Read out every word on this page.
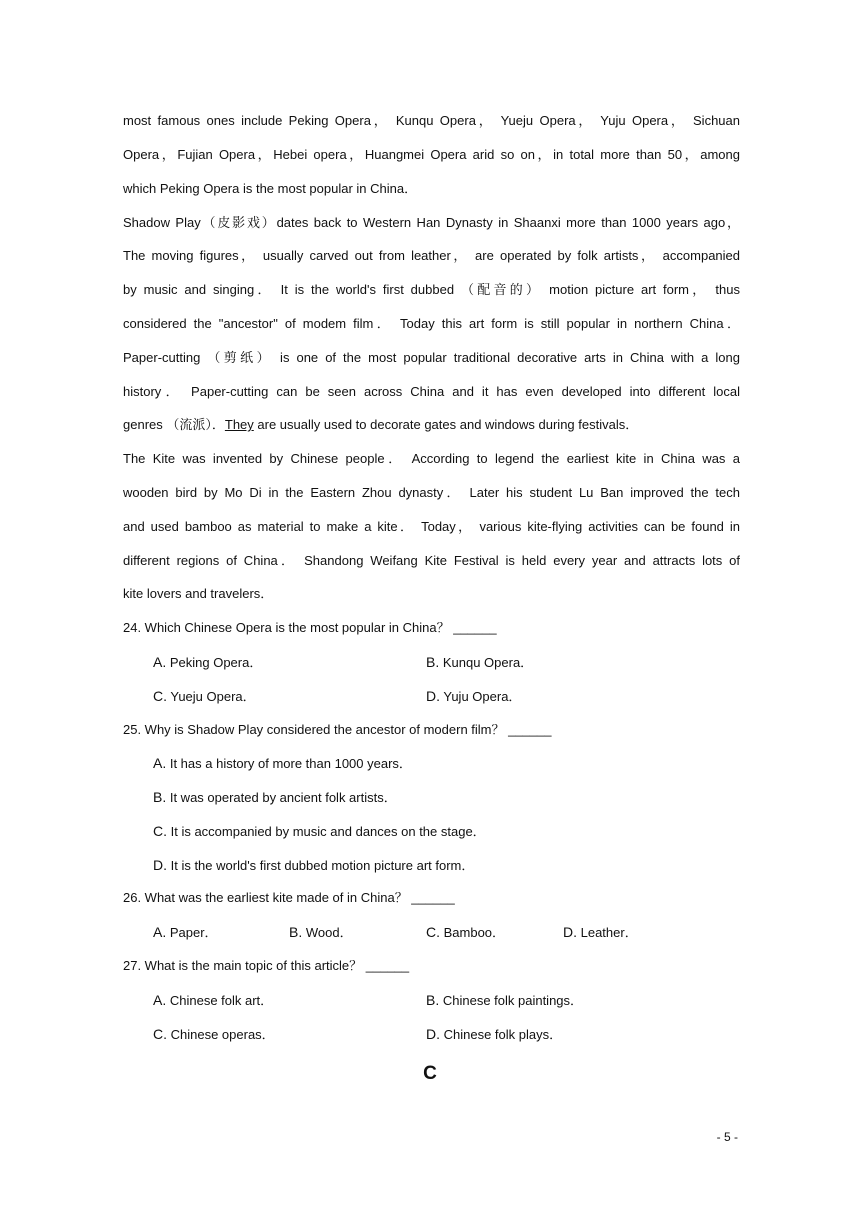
most famous ones include Peking Opera， Kunqu Opera， Yueju Opera， Yuju Opera， Sichuan
Opera，Fujian Opera，Hebei opera，Huangmei Opera arid so on，in total more than 50，among
which Peking Opera is the most popular in China．
Shadow Play（皮影戏）dates back to Western Han Dynasty in Shaanxi more than 1000 years ago，
The moving figures， usually carved out from leather， are operated by folk artists， accompanied
by music and singing． It is the world's first dubbed （配音的） motion picture art form， thus
considered the "ancestor" of modem film． Today this art form is still popular in northern China．
Paper-cutting （剪纸） is one of the most popular traditional decorative arts in China with a long
history． Paper-cutting can be seen across China and it has even developed into different local
genres （流派）．They are usually used to decorate gates and windows during festivals．
The Kite was invented by Chinese people． According to legend the earliest kite in China was a
wooden bird by Mo Di in the Eastern Zhou dynasty． Later his student Lu Ban improved the tech
and used bamboo as material to make a kite． Today， various kite-flying activities can be found in
different regions of China． Shandong Weifang Kite Festival is held every year and attracts lots of
kite lovers and travelers．
24. Which Chinese Opera is the most popular in China？ ______
A. Peking Opera．	B. Kunqu Opera．
C. Yueju Opera．	D. Yuju Opera．
25. Why is Shadow Play considered the ancestor of modern film？ ______
A. It has a history of more than 1000 years．
B. It was operated by ancient folk artists．
C. It is accompanied by music and dances on the stage．
D. It is the world's first dubbed motion picture art form．
26. What was the earliest kite made of in China？ ______
A. Paper．	B. Wood．	C. Bamboo．	D. Leather．
27. What is the main topic of this article？ ______
A. Chinese folk art．	B. Chinese folk paintings．
C. Chinese operas．	D. Chinese folk plays．
C
- 5 -
